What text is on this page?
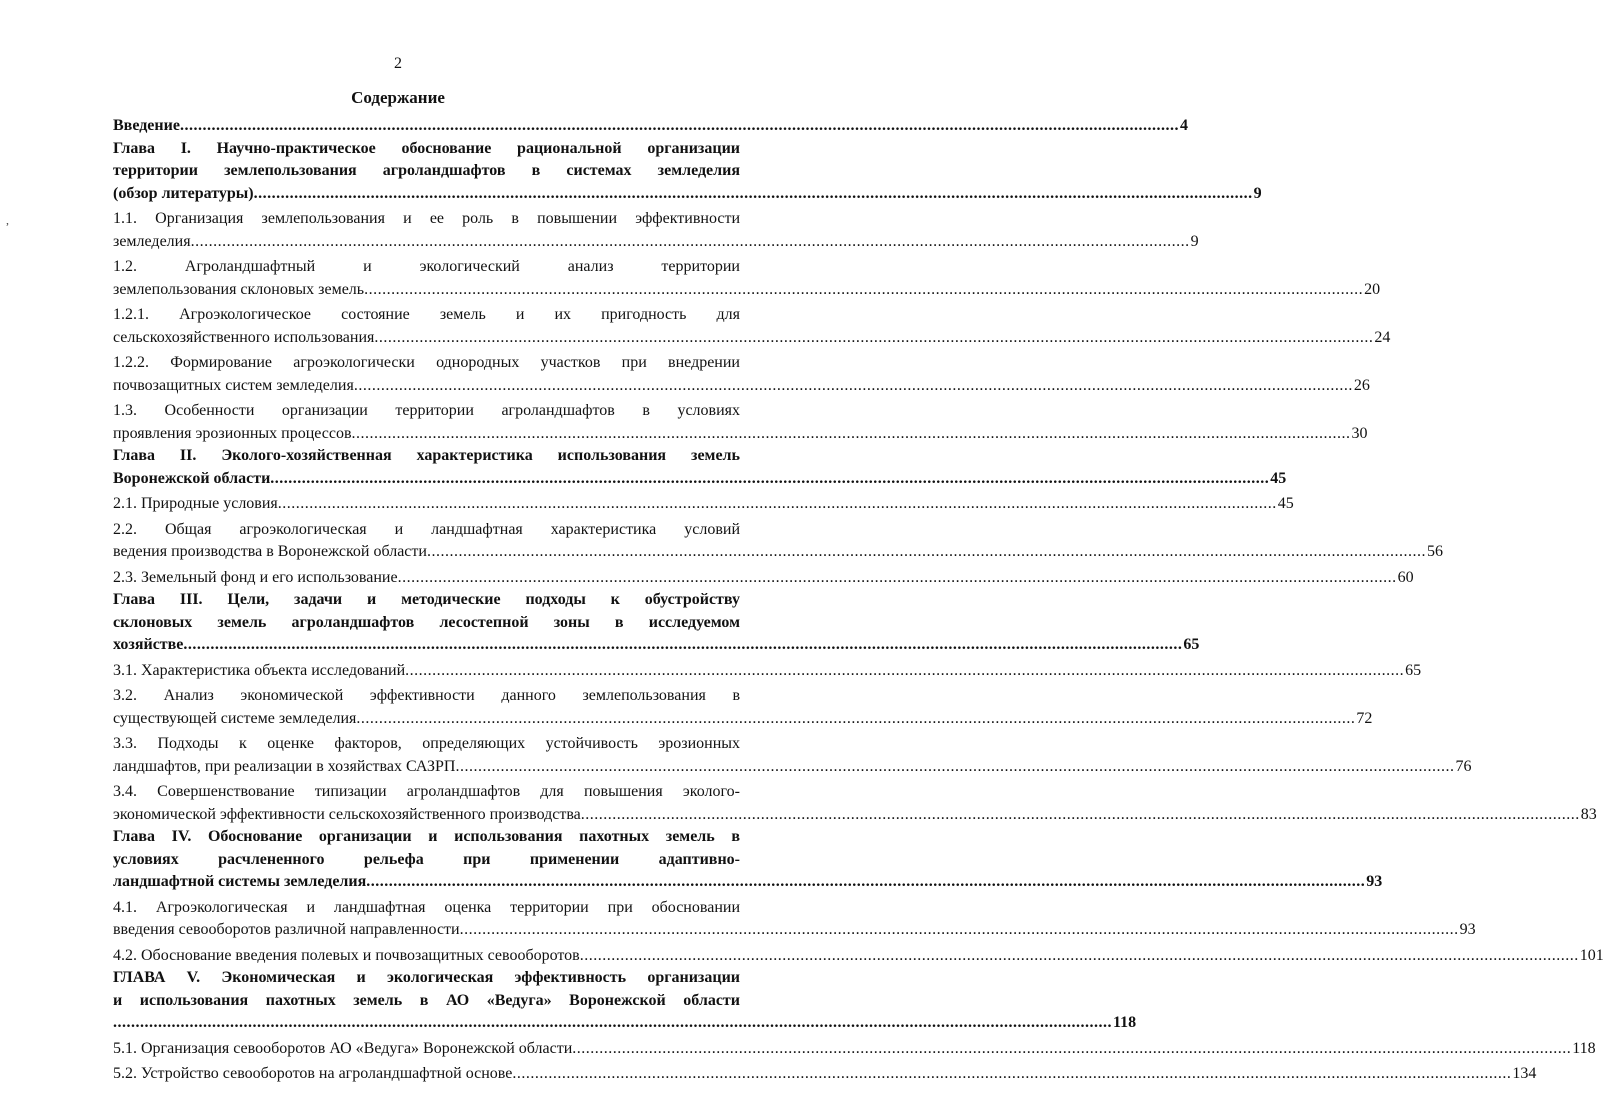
,
2
Содержание
Введение .............................................................................................................................................................................................................................. 4

Глава I. Научно-практическое обоснование рациональной организации

территории землепользования агроландшафтов в системах земледелия

(обзор литературы) .............................................................................................................................................................................................................................. 9

1.1. Организация землепользования и ее роль в повышении эффективности

земледелия .............................................................................................................................................................................................................................. 9

1.2. Агроландшафтный и экологический анализ территории

землепользования склоновых земель .............................................................................................................................................................................................................................. 20

1.2.1. Агроэкологическое состояние земель и их пригодность для

сельскохозяйственного использования .............................................................................................................................................................................................................................. 24

1.2.2. Формирование агроэкологически однородных участков при внедрении

почвозащитных систем земледелия .............................................................................................................................................................................................................................. 26

1.3. Особенности организации территории агроландшафтов в условиях

проявления эрозионных процессов .............................................................................................................................................................................................................................. 30

Глава II. Эколого-хозяйственная характеристика использования земель

Воронежской области .............................................................................................................................................................................................................................. 45
2.1. Природные условия .............................................................................................................................................................................................................................. 45

2.2. Общая агроэкологическая и ландшафтная характеристика условий

ведения производства в Воронежской области .............................................................................................................................................................................................................................. 56
2.3. Земельный фонд и его использование .............................................................................................................................................................................................................................. 60

Глава III. Цели, задачи и методические подходы к обустройству

склоновых земель агроландшафтов лесостепной зоны в исследуемом

хозяйстве .............................................................................................................................................................................................................................. 65
3.1. Характеристика объекта исследований .............................................................................................................................................................................................................................. 65

3.2. Анализ экономической эффективности данного землепользования в

существующей системе земледелия .............................................................................................................................................................................................................................. 72

3.3. Подходы к оценке факторов, определяющих устойчивость эрозионных

ландшафтов, при реализации в хозяйствах САЗРП .............................................................................................................................................................................................................................. 76

3.4. Совершенствование типизации агроландшафтов для повышения эколого-

экономической эффективности сельскохозяйственного производства .............................................................................................................................................................................................................................. 83

Глава IV. Обоснование организации и использования пахотных земель в

условиях расчлененного рельефа при применении адаптивно-

ландшафтной системы земледелия .............................................................................................................................................................................................................................. 93

4.1. Агроэкологическая и ландшафтная оценка территории при обосновании

введения севооборотов различной направленности .............................................................................................................................................................................................................................. 93
4.2. Обоснование введения полевых и почвозащитных севооборотов .............................................................................................................................................................................................................................. 101

ГЛАВА V. Экономическая и экологическая эффективность организации

и использования пахотных земель в АО «Ведуга» Воронежской области

.............................................................................................................................................................................................................................. 118
5.1. Организация севооборотов АО «Ведуга» Воронежской области .............................................................................................................................................................................................................................. 118
5.2. Устройство севооборотов на агроландшафтной основе .............................................................................................................................................................................................................................. 134
